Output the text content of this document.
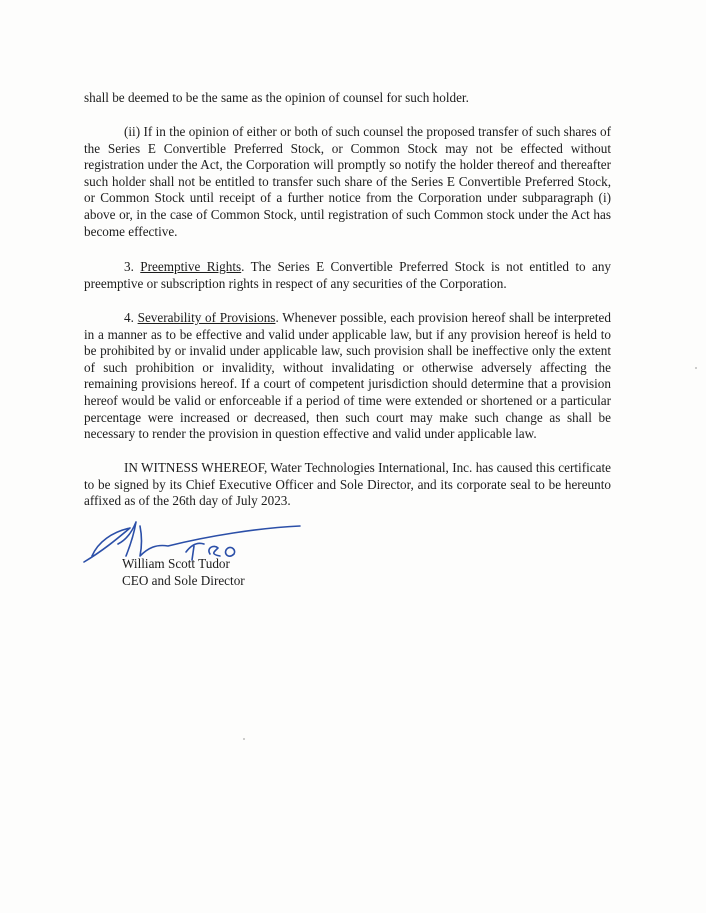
shall be deemed to be the same as the opinion of counsel for such holder.

(ii) If in the opinion of either or both of such counsel the proposed transfer of such shares of the Series E Convertible Preferred Stock, or Common Stock may not be effected without registration under the Act, the Corporation will promptly so notify the holder thereof and thereafter such holder shall not be entitled to transfer such share of the Series E Convertible Preferred Stock, or Common Stock until receipt of a further notice from the Corporation under subparagraph (i) above or, in the case of Common Stock, until registration of such Common stock under the Act has become effective.

3. Preemptive Rights. The Series E Convertible Preferred Stock is not entitled to any preemptive or subscription rights in respect of any securities of the Corporation.

4. Severability of Provisions. Whenever possible, each provision hereof shall be interpreted in a manner as to be effective and valid under applicable law, but if any provision hereof is held to be prohibited by or invalid under applicable law, such provision shall be ineffective only the extent of such prohibition or invalidity, without invalidating or otherwise adversely affecting the remaining provisions hereof. If a court of competent jurisdiction should determine that a provision hereof would be valid or enforceable if a period of time were extended or shortened or a particular percentage were increased or decreased, then such court may make such change as shall be necessary to render the provision in question effective and valid under applicable law.

IN WITNESS WHEREOF, Water Technologies International, Inc. has caused this certificate to be signed by its Chief Executive Officer and Sole Director, and its corporate seal to be hereunto affixed as of the 26th day of July 2023.

William Scott Tudor
CEO and Sole Director
